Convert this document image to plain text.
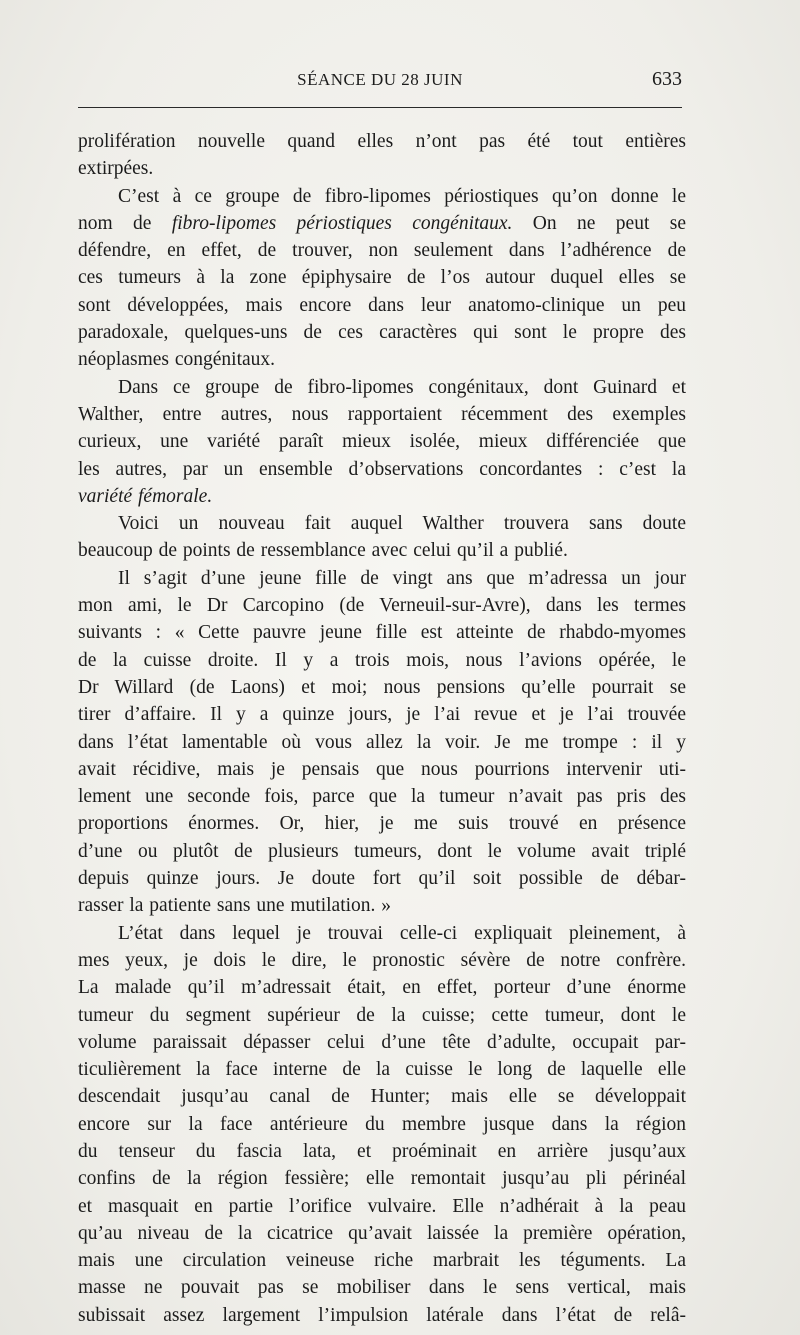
SÉANCE DU 28 JUIN	633
prolifération nouvelle quand elles n’ont pas été tout entières
extirpées.
C’est à ce groupe de fibro-lipomes périostiques qu’on donne le
nom de fibro-lipomes périostiques congénitaux. On ne peut se
défendre, en effet, de trouver, non seulement dans l’adhérence de
ces tumeurs à la zone épiphysaire de l’os autour duquel elles se
sont développées, mais encore dans leur anatomo-clinique un peu
paradoxale, quelques-uns de ces caractères qui sont le propre des
néoplasmes congénitaux.
Dans ce groupe de fibro-lipomes congénitaux, dont Guinard et
Walther, entre autres, nous rapportaient récemment des exemples
curieux, une variété paraît mieux isolée, mieux différenciée que
les autres, par un ensemble d’observations concordantes : c’est la
variété fémorale.
Voici un nouveau fait auquel Walther trouvera sans doute
beaucoup de points de ressemblance avec celui qu’il a publié.
Il s’agit d’une jeune fille de vingt ans que m’adressa un jour
mon ami, le Dr Carcopino (de Verneuil-sur-Avre), dans les termes
suivants : « Cette pauvre jeune fille est atteinte de rhabdo-myomes
de la cuisse droite. Il y a trois mois, nous l’avions opérée, le
Dr Willard (de Laons) et moi; nous pensions qu’elle pourrait se
tirer d’affaire. Il y a quinze jours, je l’ai revue et je l’ai trouvée
dans l’état lamentable où vous allez la voir. Je me trompe : il y
avait récidive, mais je pensais que nous pourrions intervenir uti-
lement une seconde fois, parce que la tumeur n’avait pas pris des
proportions énormes. Or, hier, je me suis trouvé en présence
d’une ou plutôt de plusieurs tumeurs, dont le volume avait triplé
depuis quinze jours. Je doute fort qu’il soit possible de débar-
rasser la patiente sans une mutilation. »
L’état dans lequel je trouvai celle-ci expliquait pleinement, à
mes yeux, je dois le dire, le pronostic sévère de notre confrère.
La malade qu’il m’adressait était, en effet, porteur d’une énorme
tumeur du segment supérieur de la cuisse; cette tumeur, dont le
volume paraissait dépasser celui d’une tête d’adulte, occupait par-
ticulièrement la face interne de la cuisse le long de laquelle elle
descendait jusqu’au canal de Hunter; mais elle se développait
encore sur la face antérieure du membre jusque dans la région
du tenseur du fascia lata, et proéminait en arrière jusqu’aux
confins de la région fessière; elle remontait jusqu’au pli périnéal
et masquait en partie l’orifice vulvaire. Elle n’adhérait à la peau
qu’au niveau de la cicatrice qu’avait laissée la première opération,
mais une circulation veineuse riche marbrait les téguments. La
masse ne pouvait pas se mobiliser dans le sens vertical, mais
subissait assez largement l’impulsion latérale dans l’état de relâ-
